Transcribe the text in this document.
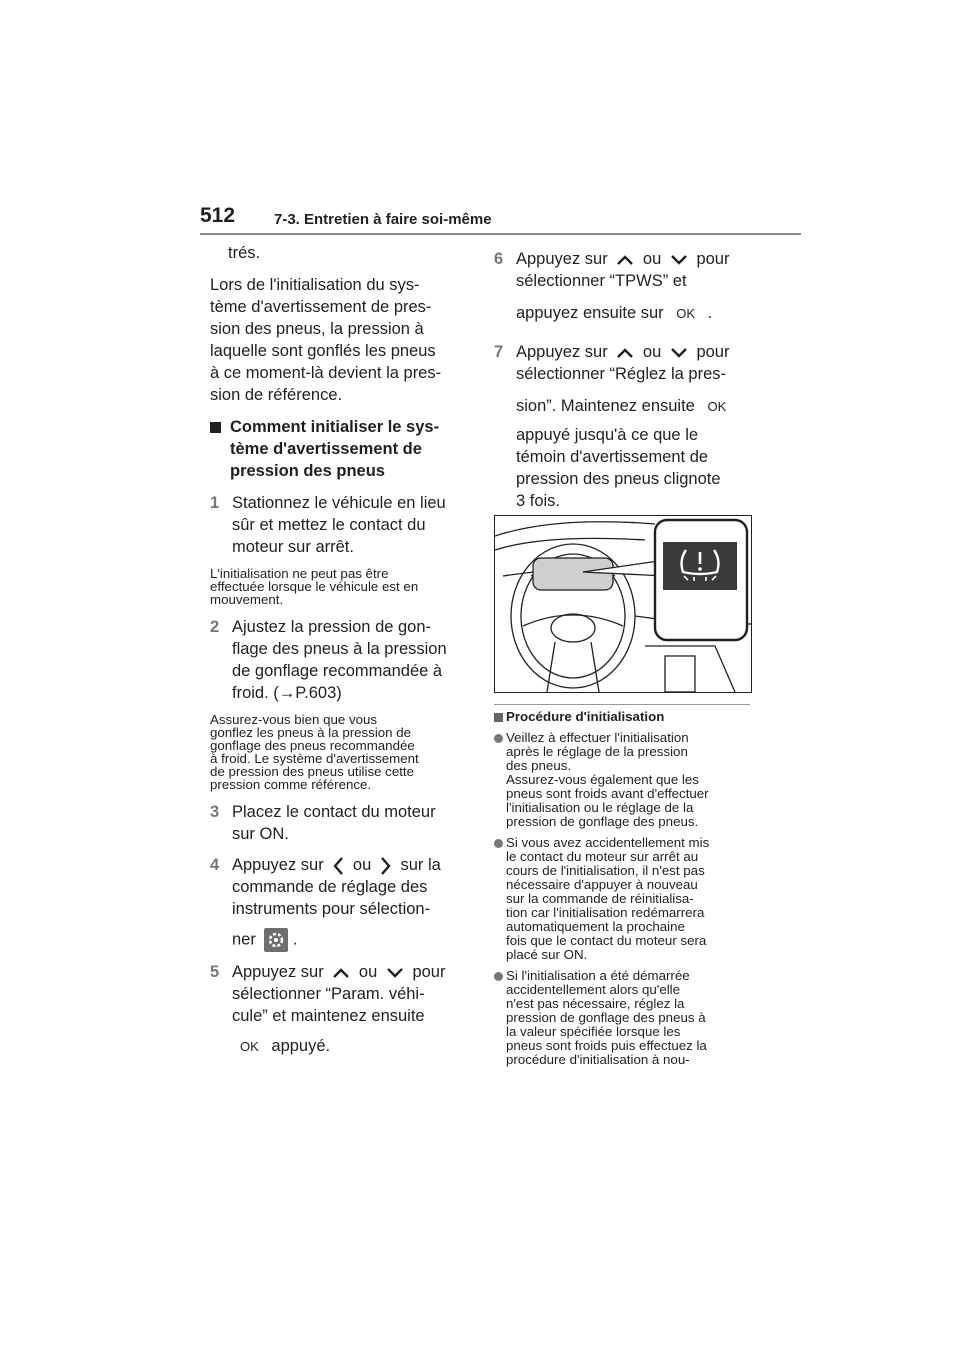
512	7-3. Entretien à faire soi-même

trés.

Lors de l'initialisation du sys-
tème d'avertissement de pres-
sion des pneus, la pression à
laquelle sont gonflés les pneus
à ce moment-là devient la pres-
sion de référence.

Comment initialiser le sys-
tème d'avertissement de
pression des pneus
1 Stationnez le véhicule en lieu
sûr et mettez le contact du
moteur sur arrêt.

L'initialisation ne peut pas être
effectuée lorsque le véhicule est en
mouvement.

2 Ajustez la pression de gon-
flage des pneus à la pression
de gonflage recommandée à
froid. (→P.603)

Assurez-vous bien que vous
gonflez les pneus à la pression de
gonflage des pneus recommandée
à froid. Le système d'avertissement
de pression des pneus utilise cette
pression comme référence.

3 Placez le contact du moteur
sur ON.
4 Appuyez sur ou sur la
commande de réglage des
instruments pour sélection-
ner .
5 Appuyez sur ou pour
sélectionner “Param. véhi-
cule” et maintenez ensuite
OK appuyé.
6 Appuyez sur ou pour
sélectionner “TPWS” et
appuyez ensuite sur OK .
7 Appuyez sur ou pour
sélectionner “Réglez la pres-
sion”. Maintenez ensuite OK
appuyé jusqu'à ce que le
témoin d'avertissement de
pression des pneus clignote
3 fois.
Procédure d'initialisation
Veillez à effectuer l'initialisation
après le réglage de la pression
des pneus.
Assurez-vous également que les
pneus sont froids avant d'effectuer
l'initialisation ou le réglage de la
pression de gonflage des pneus.
Si vous avez accidentellement mis
le contact du moteur sur arrêt au
cours de l'initialisation, il n'est pas
nécessaire d'appuyer à nouveau
sur la commande de réinitialisa-
tion car l'initialisation redémarrera
automatiquement la prochaine
fois que le contact du moteur sera
placé sur ON.
Si l'initialisation a été démarrée
accidentellement alors qu'elle
n'est pas nécessaire, réglez la
pression de gonflage des pneus à
la valeur spécifiée lorsque les
pneus sont froids puis effectuez la
procédure d'initialisation à nou-
